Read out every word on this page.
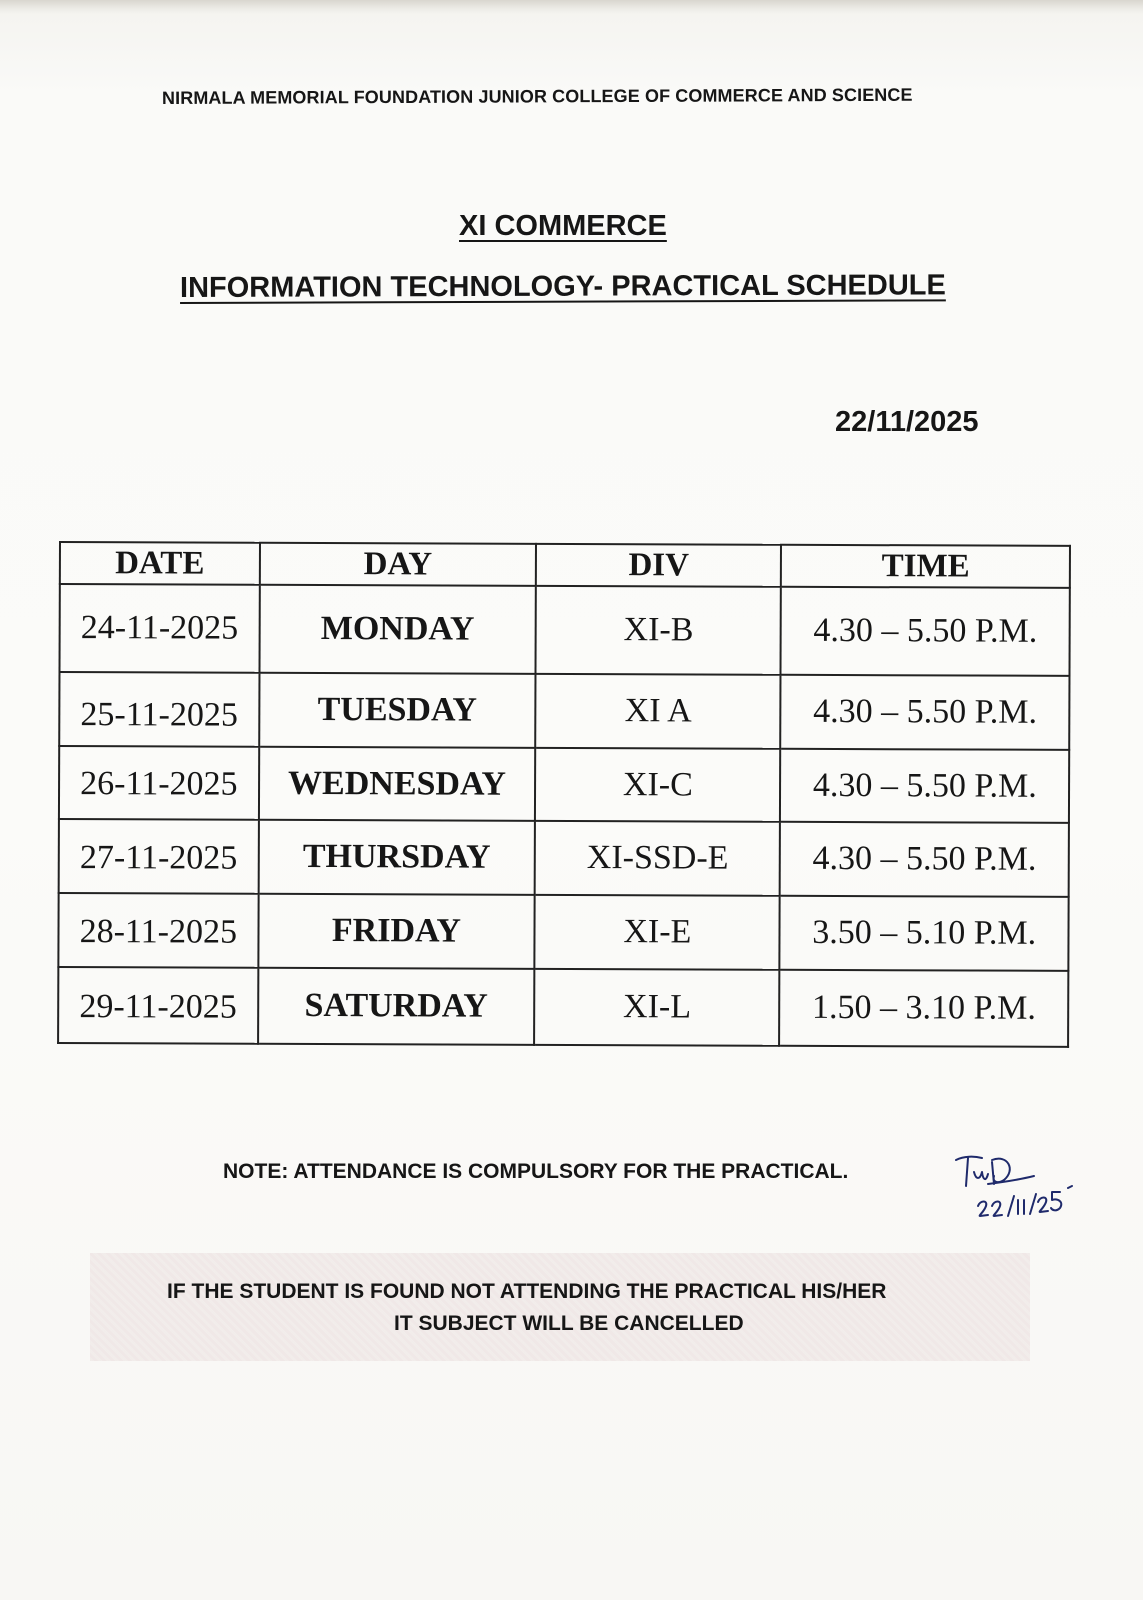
NIRMALA MEMORIAL FOUNDATION JUNIOR COLLEGE OF COMMERCE AND SCIENCE
XI COMMERCE
INFORMATION TECHNOLOGY- PRACTICAL SCHEDULE
22/11/2025
DATE	DAY	DIV	TIME
24-11-2025	MONDAY	XI-B	4.30 – 5.50 P.M.
25-11-2025	TUESDAY	XI A	4.30 – 5.50 P.M.
26-11-2025	WEDNESDAY	XI-C	4.30 – 5.50 P.M.
27-11-2025	THURSDAY	XI-SSD-E	4.30 – 5.50 P.M.
28-11-2025	FRIDAY	XI-E	3.50 – 5.10 P.M.
29-11-2025	SATURDAY	XI-L	1.50 – 3.10 P.M.
NOTE: ATTENDANCE IS COMPULSORY FOR THE PRACTICAL.
IF THE STUDENT IS FOUND NOT ATTENDING THE PRACTICAL HIS/HER
IT SUBJECT WILL BE CANCELLED
